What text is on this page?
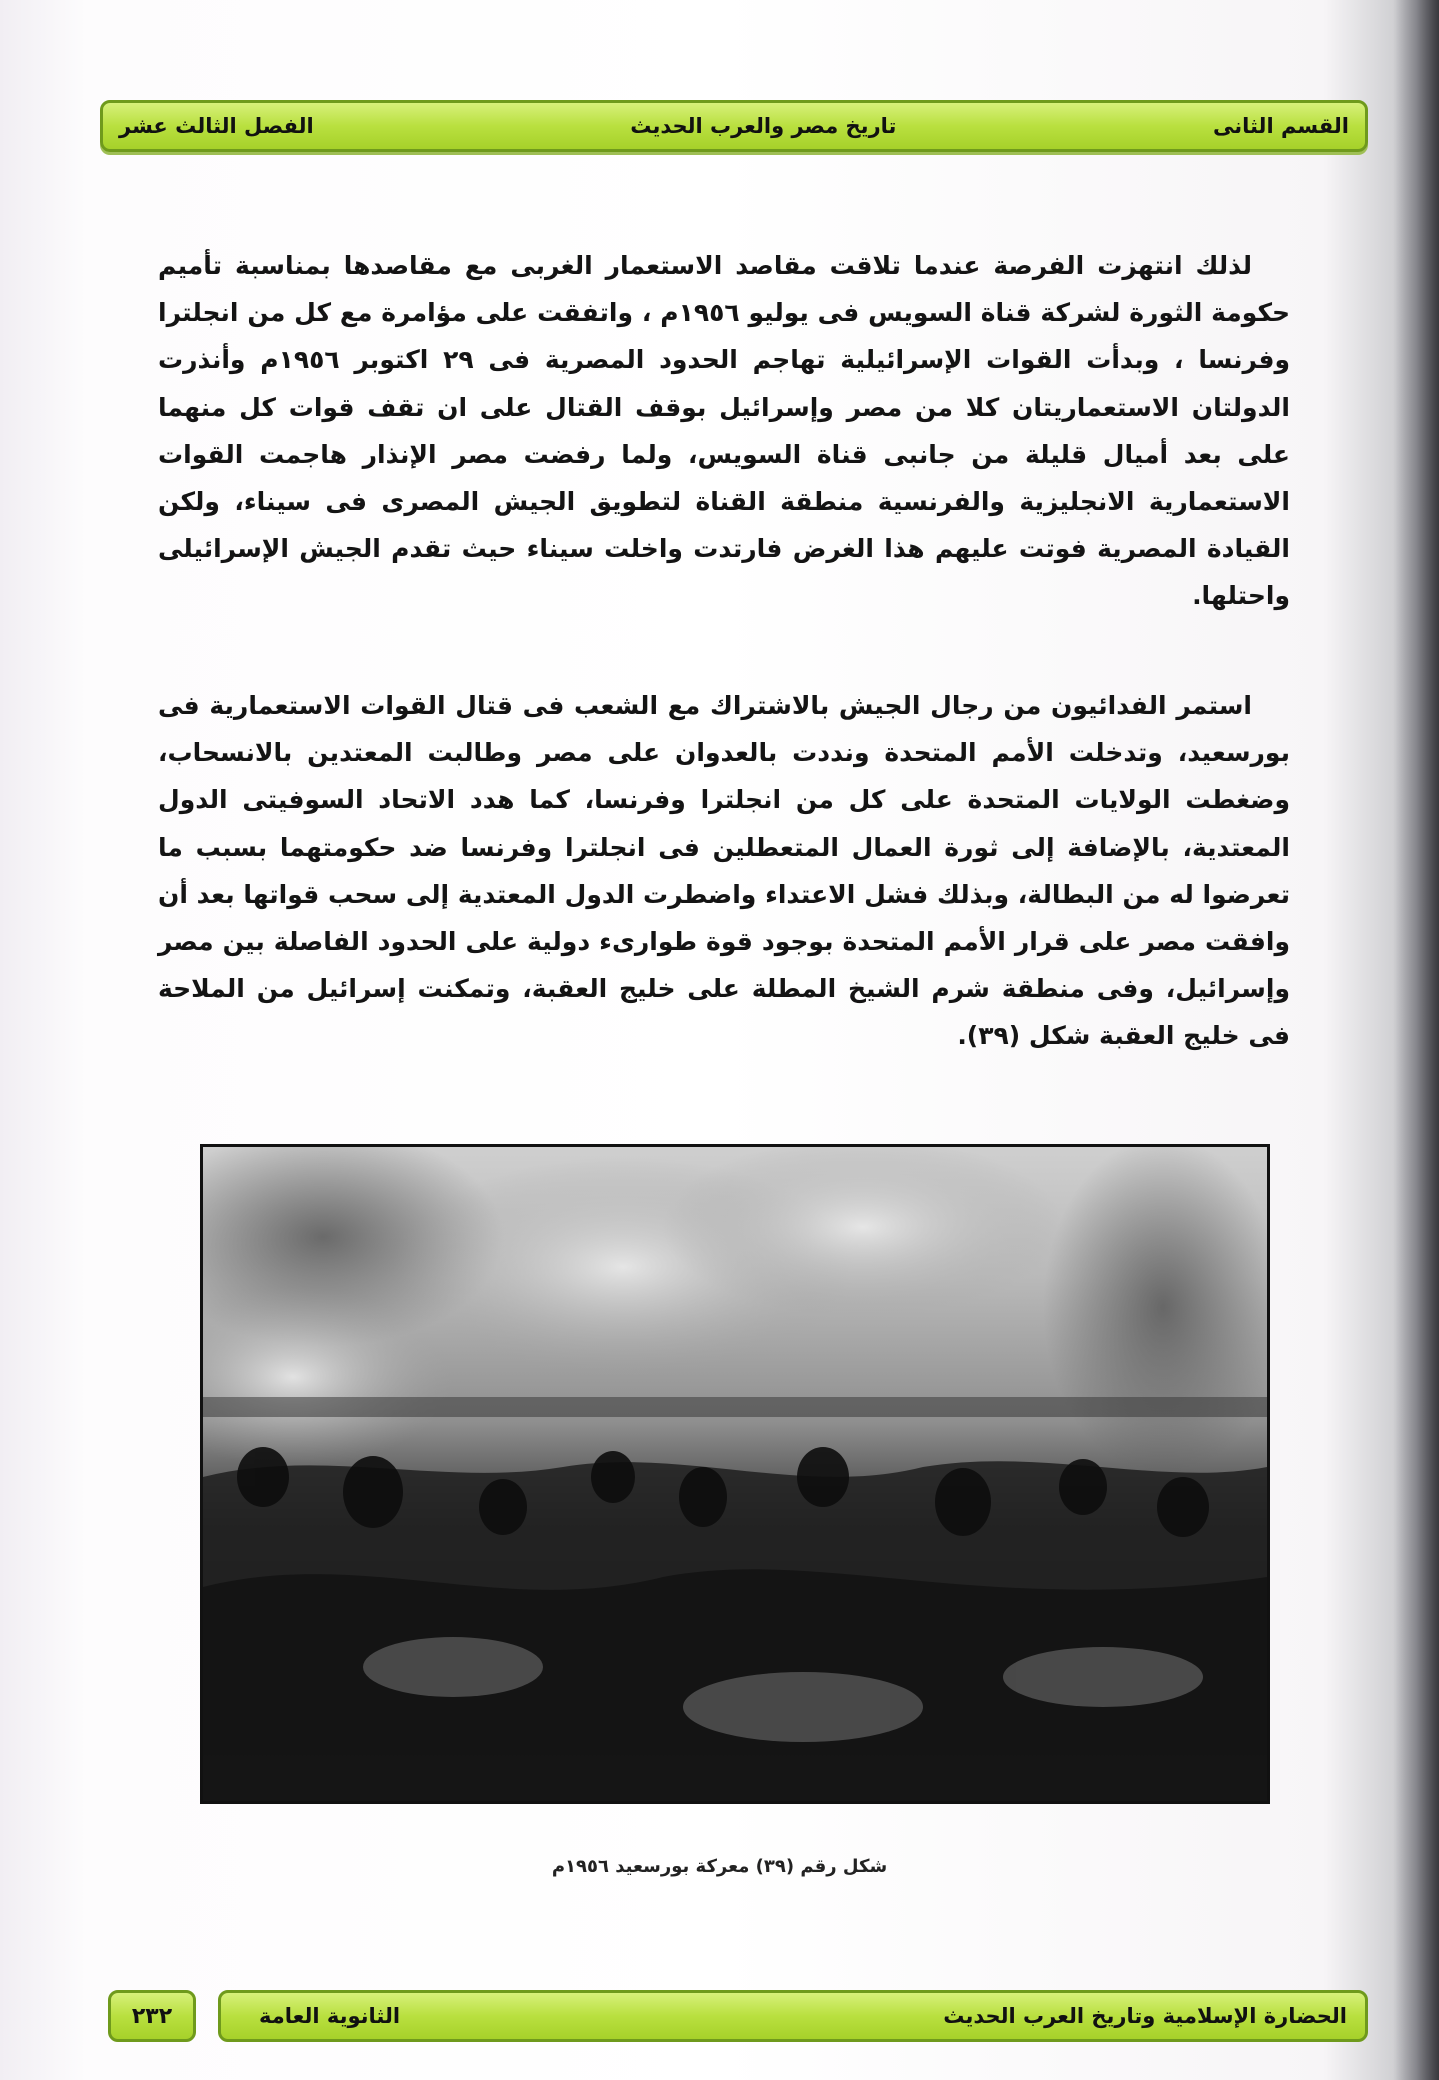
القسم الثانى
تاريخ مصر والعرب الحديث
الفصل الثالث عشر

لذلك انتهزت الفرصة عندما تلاقت مقاصد الاستعمار الغربى مع مقاصدها بمناسبة تأميم حكومة الثورة لشركة قناة السويس فى يوليو ١٩٥٦م ، واتفقت على مؤامرة مع كل من انجلترا وفرنسا ، وبدأت القوات الإسرائيلية تهاجم الحدود المصرية فى ٢٩ اكتوبر ١٩٥٦م وأنذرت الدولتان الاستعماريتان كلا من مصر وإسرائيل بوقف القتال على ان تقف قوات كل منهما على بعد أميال قليلة من جانبى قناة السويس، ولما رفضت مصر الإنذار هاجمت القوات الاستعمارية الانجليزية والفرنسية منطقة القناة لتطويق الجيش المصرى فى سيناء، ولكن القيادة المصرية فوتت عليهم هذا الغرض فارتدت واخلت سيناء حيث تقدم الجيش الإسرائيلى واحتلها.

استمر الفدائيون من رجال الجيش بالاشتراك مع الشعب فى قتال القوات الاستعمارية فى بورسعيد، وتدخلت الأمم المتحدة ونددت بالعدوان على مصر وطالبت المعتدين بالانسحاب، وضغطت الولايات المتحدة على كل من انجلترا وفرنسا، كما هدد الاتحاد السوفيتى الدول المعتدية، بالإضافة إلى ثورة العمال المتعطلين فى انجلترا وفرنسا ضد حكومتهما بسبب ما تعرضوا له من البطالة، وبذلك فشل الاعتداء واضطرت الدول المعتدية إلى سحب قواتها بعد أن وافقت مصر على قرار الأمم المتحدة بوجود قوة طوارىء دولية على الحدود الفاصلة بين مصر وإسرائيل، وفى منطقة شرم الشيخ المطلة على خليج العقبة، وتمكنت إسرائيل من الملاحة فى خليج العقبة شكل (٣٩).

شكل رقم (٣٩) معركة بورسعيد ١٩٥٦م
٢٣٢	الحضارة الإسلامية وتاريخ العرب الحديث
الثانوية العامة
